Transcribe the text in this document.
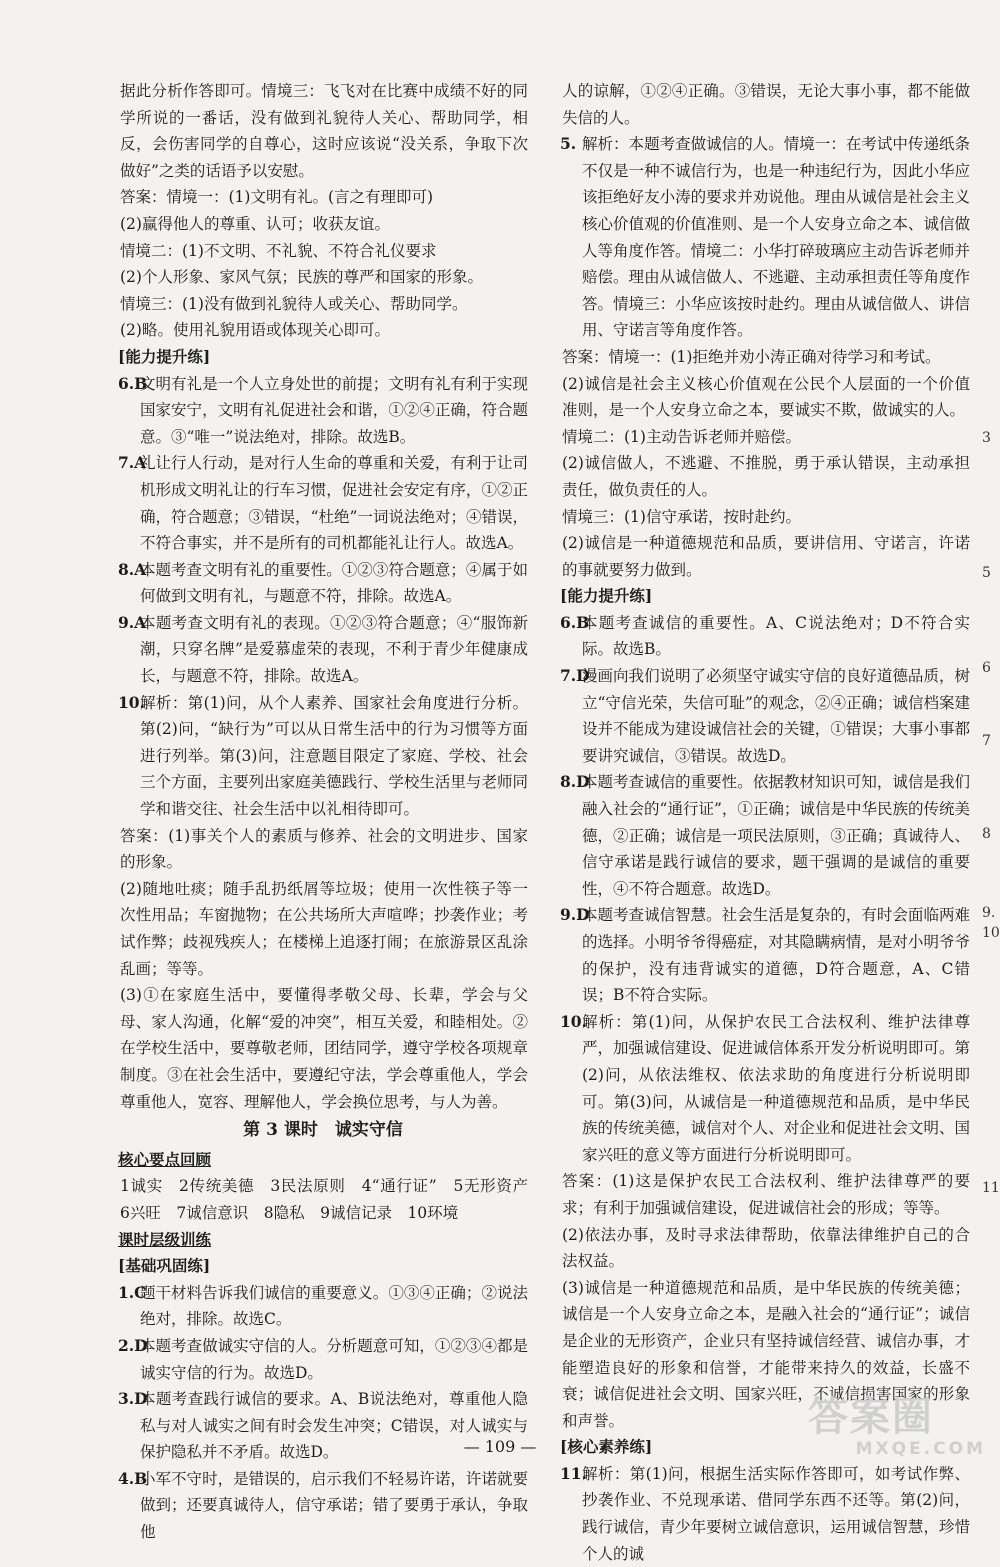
据此分析作答即可。情境三：飞飞对在比赛中成绩不好的同学所说的一番话，没有做到礼貌待人关心、帮助同学，相反，会伤害同学的自尊心，这时应该说“没关系，争取下次做好”之类的话语予以安慰。
答案：情境一：(1)文明有礼。(言之有理即可)
(2)赢得他人的尊重、认可；收获友谊。
情境二：(1)不文明、不礼貌、不符合礼仪要求
(2)个人形象、家风气氛；民族的尊严和国家的形象。
情境三：(1)没有做到礼貌待人或关心、帮助同学。
(2)略。使用礼貌用语或体现关心即可。
[能力提升练]
6.B
文明有礼是一个人立身处世的前提；文明有礼有利于实现国家安宁，文明有礼促进社会和谐，①②④正确，符合题意。③“唯一”说法绝对，排除。故选B。
7.A
礼让行人行动，是对行人生命的尊重和关爱，有利于让司机形成文明礼让的行车习惯，促进社会安定有序，①②正确，符合题意；③错误，“杜绝”一词说法绝对；④错误，不符合事实，并不是所有的司机都能礼让行人。故选A。
8.A
本题考查文明有礼的重要性。①②③符合题意；④属于如何做到文明有礼，与题意不符，排除。故选A。
9.A
本题考查文明有礼的表现。①②③符合题意；④“服饰新潮，只穿名牌”是爱慕虚荣的表现，不利于青少年健康成长，与题意不符，排除。故选A。
10.
解析：第(1)问，从个人素养、国家社会角度进行分析。第(2)问，“缺行为”可以从日常生活中的行为习惯等方面进行列举。第(3)问，注意题目限定了家庭、学校、社会三个方面，主要列出家庭美德践行、学校生活里与老师同学和谐交往、社会生活中以礼相待即可。
答案：(1)事关个人的素质与修养、社会的文明进步、国家的形象。
(2)随地吐痰；随手乱扔纸屑等垃圾；使用一次性筷子等一次性用品；车窗抛物；在公共场所大声喧哗；抄袭作业；考试作弊；歧视残疾人；在楼梯上追逐打闹；在旅游景区乱涂乱画；等等。
(3)①在家庭生活中，要懂得孝敬父母、长辈，学会与父母、家人沟通，化解“爱的冲突”，相互关爱，和睦相处。②在学校生活中，要尊敬老师，团结同学，遵守学校各项规章制度。③在社会生活中，要遵纪守法，学会尊重他人，学会尊重他人，宽容、理解他人，学会换位思考，与人为善。
第 3 课时　诚实守信
核心要点回顾
1诚实　2传统美德　3民法原则　4“通行证”　5无形资产　6兴旺　7诚信意识　8隐私　9诚信记录　10环境
课时层级训练
[基础巩固练]
1.C
题干材料告诉我们诚信的重要意义。①③④正确；②说法绝对，排除。故选C。
2.D
本题考查做诚实守信的人。分析题意可知，①②③④都是诚实守信的行为。故选D。
3.D
本题考查践行诚信的要求。A、B说法绝对，尊重他人隐私与对人诚实之间有时会发生冲突；C错误，对人诚实与保护隐私并不矛盾。故选D。
4.B
小军不守时，是错误的，启示我们不轻易许诺，许诺就要做到；还要真诚待人，信守承诺；错了要勇于承认，争取他
人的谅解，①②④正确。③错误，无论大事小事，都不能做失信的人。
5. 解析：本题考查做诚信的人。情境一：在考试中传递纸条不仅是一种不诚信行为，也是一种违纪行为，因此小华应该拒绝好友小涛的要求并劝说他。理由从诚信是社会主义核心价值观的价值准则、是一个人安身立命之本、诚信做人等角度作答。情境二：小华打碎玻璃应主动告诉老师并赔偿。理由从诚信做人、不逃避、主动承担责任等角度作答。情境三：小华应该按时赴约。理由从诚信做人、讲信用、守诺言等角度作答。
答案：情境一：(1)拒绝并劝小涛正确对待学习和考试。
(2)诚信是社会主义核心价值观在公民个人层面的一个价值准则，是一个人安身立命之本，要诚实不欺，做诚实的人。
情境二：(1)主动告诉老师并赔偿。
(2)诚信做人，不逃避、不推脱，勇于承认错误，主动承担责任，做负责任的人。
情境三：(1)信守承诺，按时赴约。
(2)诚信是一种道德规范和品质，要讲信用、守诺言，许诺的事就要努力做到。
[能力提升练]
6.B
本题考查诚信的重要性。A、C说法绝对；D不符合实际。故选B。
7.D
漫画向我们说明了必须坚守诚实守信的良好道德品质，树立“守信光荣，失信可耻”的观念，②④正确；诚信档案建设并不能成为建设诚信社会的关键，①错误；大事小事都要讲究诚信，③错误。故选D。
8.D
本题考查诚信的重要性。依据教材知识可知，诚信是我们融入社会的“通行证”，①正确；诚信是中华民族的传统美德，②正确；诚信是一项民法原则，③正确；真诚待人、信守承诺是践行诚信的要求，题干强调的是诚信的重要性，④不符合题意。故选D。
9.D
本题考查诚信智慧。社会生活是复杂的，有时会面临两难的选择。小明爷爷得癌症，对其隐瞒病情，是对小明爷爷的保护，没有违背诚实的道德，D符合题意，A、C错误；B不符合实际。
10.
解析：第(1)问，从保护农民工合法权利、维护法律尊严，加强诚信建设、促进诚信体系开发分析说明即可。第(2)问，从依法维权、依法求助的角度进行分析说明即可。第(3)问，从诚信是一种道德规范和品质，是中华民族的传统美德，诚信对个人、对企业和促进社会文明、国家兴旺的意义等方面进行分析说明即可。
答案：(1)这是保护农民工合法权利、维护法律尊严的要求；有利于加强诚信建设，促进诚信社会的形成；等等。
(2)依法办事，及时寻求法律帮助，依靠法律维护自己的合法权益。
(3)诚信是一种道德规范和品质，是中华民族的传统美德；诚信是一个人安身立命之本，是融入社会的“通行证”；诚信是企业的无形资产，企业只有坚持诚信经营、诚信办事，才能塑造良好的形象和信誉，才能带来持久的效益，长盛不衰；诚信促进社会文明、国家兴旺，不诚信损害国家的形象和声誉。
[核心素养练]
11.
解析：第(1)问，根据生活实际作答即可，如考试作弊、抄袭作业、不兑现承诺、借同学东西不还等。第(2)问，践行诚信，青少年要树立诚信意识，运用诚信智慧，珍惜个人的诚
3
5
6
7
8
9.
10
11
— 109 —
答案圈
MXQE.COM
